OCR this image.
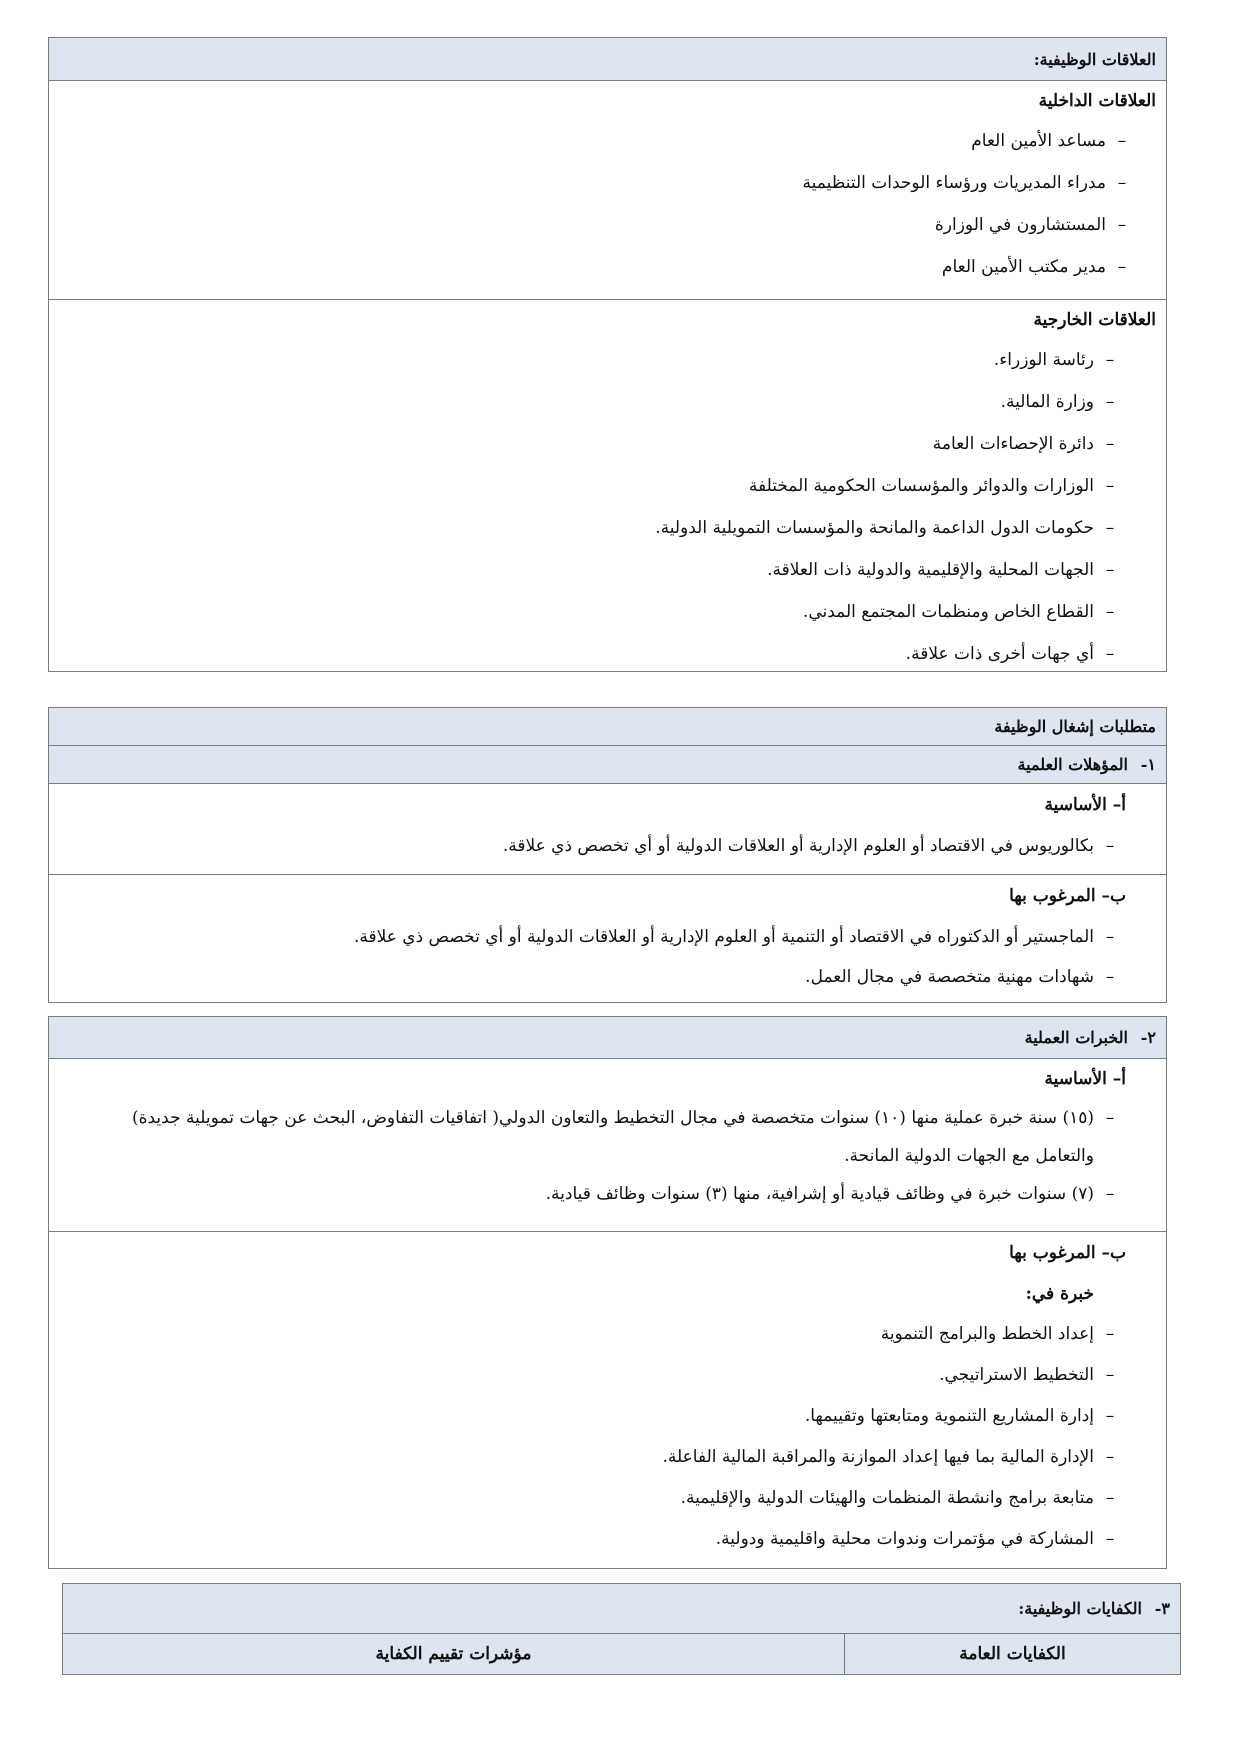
العلاقات الوظيفية:
العلاقات الداخلية
–
مساعد الأمين العام
–
مدراء المديريات ورؤساء الوحدات التنظيمية
–
المستشارون في الوزارة
–
مدير مكتب الأمين العام
العلاقات الخارجية
–
رئاسة الوزراء.
–
وزارة المالية.
–
دائرة الإحصاءات العامة
–
الوزارات والدوائر والمؤسسات الحكومية المختلفة
–
حكومات الدول الداعمة والمانحة والمؤسسات التمويلية الدولية.
–
الجهات المحلية والإقليمية والدولية ذات العلاقة.
–
القطاع الخاص ومنظمات المجتمع المدني.
–
أي جهات أخرى ذات علاقة.
متطلبات إشغال الوظيفة
١-
المؤهلات العلمية
أ– الأساسية
–
بكالوريوس في الاقتصاد أو العلوم الإدارية أو العلاقات الدولية أو أي تخصص ذي علاقة.
ب– المرغوب بها
–
الماجستير أو الدكتوراه في الاقتصاد أو التنمية أو العلوم الإدارية أو العلاقات الدولية أو أي تخصص ذي علاقة.
–
شهادات مهنية متخصصة في مجال العمل.
٢-
الخبرات العملية
أ– الأساسية
–
(١٥) سنة خبرة عملية منها (١٠) سنوات متخصصة في مجال التخطيط والتعاون الدولي( اتفاقيات التفاوض، البحث عن جهات تمويلية جديدة) والتعامل مع الجهات الدولية المانحة.
–
(٧) سنوات خبرة في وظائف قيادية أو إشرافية، منها (٣) سنوات وظائف قيادية.
ب– المرغوب بها
خبرة في:
–
إعداد الخطط والبرامج التنموية
–
التخطيط الاستراتيجي.
–
إدارة المشاريع التنموية ومتابعتها وتقييمها.
–
الإدارة المالية بما فيها إعداد الموازنة والمراقبة المالية الفاعلة.
–
متابعة برامج وانشطة المنظمات والهيئات الدولية والإقليمية.
–
المشاركة في مؤتمرات وندوات محلية واقليمية ودولية.
٣-
الكفايات الوظيفية:
الكفايات العامة
مؤشرات تقييم الكفاية
